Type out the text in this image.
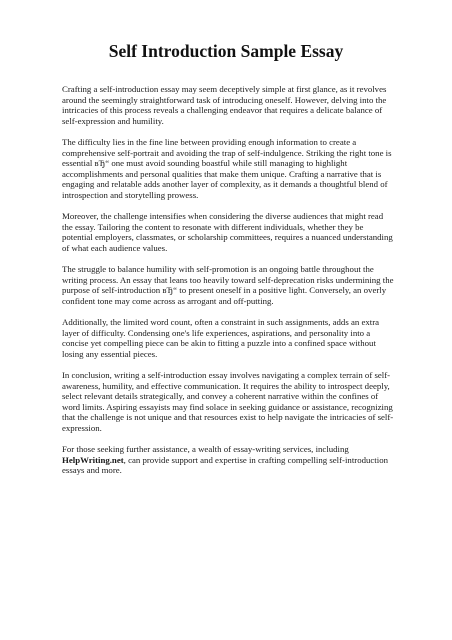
Self Introduction Sample Essay

Crafting a self-introduction essay may seem deceptively simple at first glance, as it revolves around the seemingly straightforward task of introducing oneself. However, delving into the intricacies of this process reveals a challenging endeavor that requires a delicate balance of self-expression and humility.

The difficulty lies in the fine line between providing enough information to create a comprehensive self-portrait and avoiding the trap of self-indulgence. Striking the right tone is essential вЂ“ one must avoid sounding boastful while still managing to highlight accomplishments and personal qualities that make them unique. Crafting a narrative that is engaging and relatable adds another layer of complexity, as it demands a thoughtful blend of introspection and storytelling prowess.

Moreover, the challenge intensifies when considering the diverse audiences that might read the essay. Tailoring the content to resonate with different individuals, whether they be potential employers, classmates, or scholarship committees, requires a nuanced understanding of what each audience values.

The struggle to balance humility with self-promotion is an ongoing battle throughout the writing process. An essay that leans too heavily toward self-deprecation risks undermining the purpose of self-introduction вЂ“ to present oneself in a positive light. Conversely, an overly confident tone may come across as arrogant and off-putting.

Additionally, the limited word count, often a constraint in such assignments, adds an extra layer of difficulty. Condensing one's life experiences, aspirations, and personality into a concise yet compelling piece can be akin to fitting a puzzle into a confined space without losing any essential pieces.

In conclusion, writing a self-introduction essay involves navigating a complex terrain of self-awareness, humility, and effective communication. It requires the ability to introspect deeply, select relevant details strategically, and convey a coherent narrative within the confines of word limits. Aspiring essayists may find solace in seeking guidance or assistance, recognizing that the challenge is not unique and that resources exist to help navigate the intricacies of self-expression.

For those seeking further assistance, a wealth of essay-writing services, including HelpWriting.net, can provide support and expertise in crafting compelling self-introduction essays and more.
